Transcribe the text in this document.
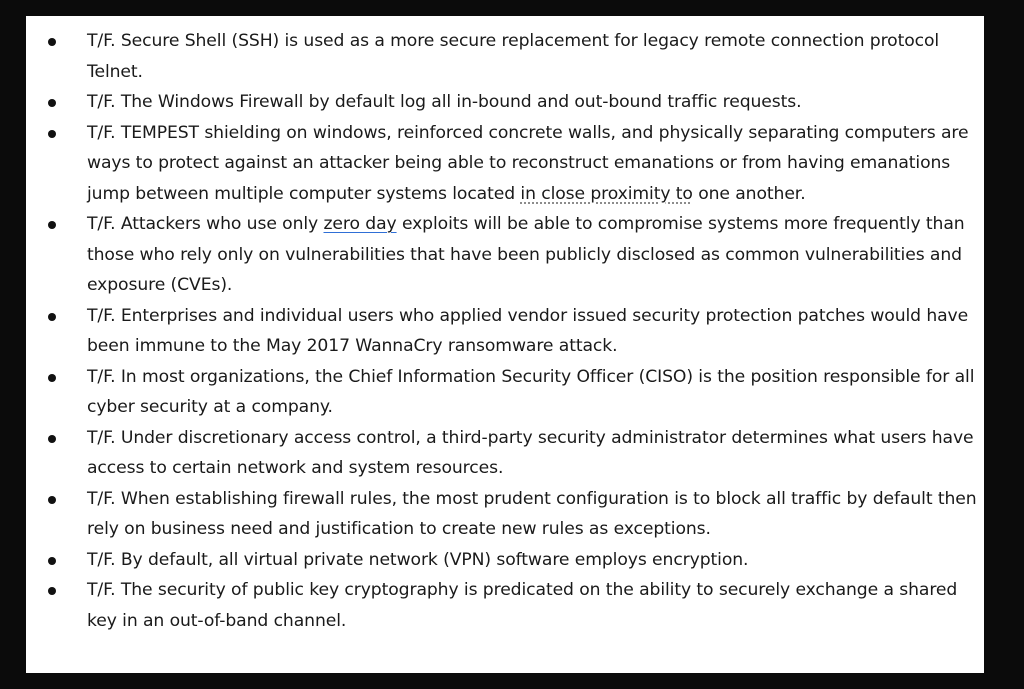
T/F. Secure Shell (SSH) is used as a more secure replacement for legacy remote connection protocol Telnet.
T/F. The Windows Firewall by default log all in-bound and out-bound traffic requests.
T/F. TEMPEST shielding on windows, reinforced concrete walls, and physically separating computers are ways to protect against an attacker being able to reconstruct emanations or from having emanations jump between multiple computer systems located in close proximity to one another.
T/F. Attackers who use only zero day exploits will be able to compromise systems more frequently than those who rely only on vulnerabilities that have been publicly disclosed as common vulnerabilities and exposure (CVEs).
T/F. Enterprises and individual users who applied vendor issued security protection patches would have been immune to the May 2017 WannaCry ransomware attack.
T/F. In most organizations, the Chief Information Security Officer (CISO) is the position responsible for all cyber security at a company.
T/F. Under discretionary access control, a third-party security administrator determines what users have access to certain network and system resources.
T/F. When establishing firewall rules, the most prudent configuration is to block all traffic by default then rely on business need and justification to create new rules as exceptions.
T/F. By default, all virtual private network (VPN) software employs encryption.
T/F. The security of public key cryptography is predicated on the ability to securely exchange a shared key in an out-of-band channel.
